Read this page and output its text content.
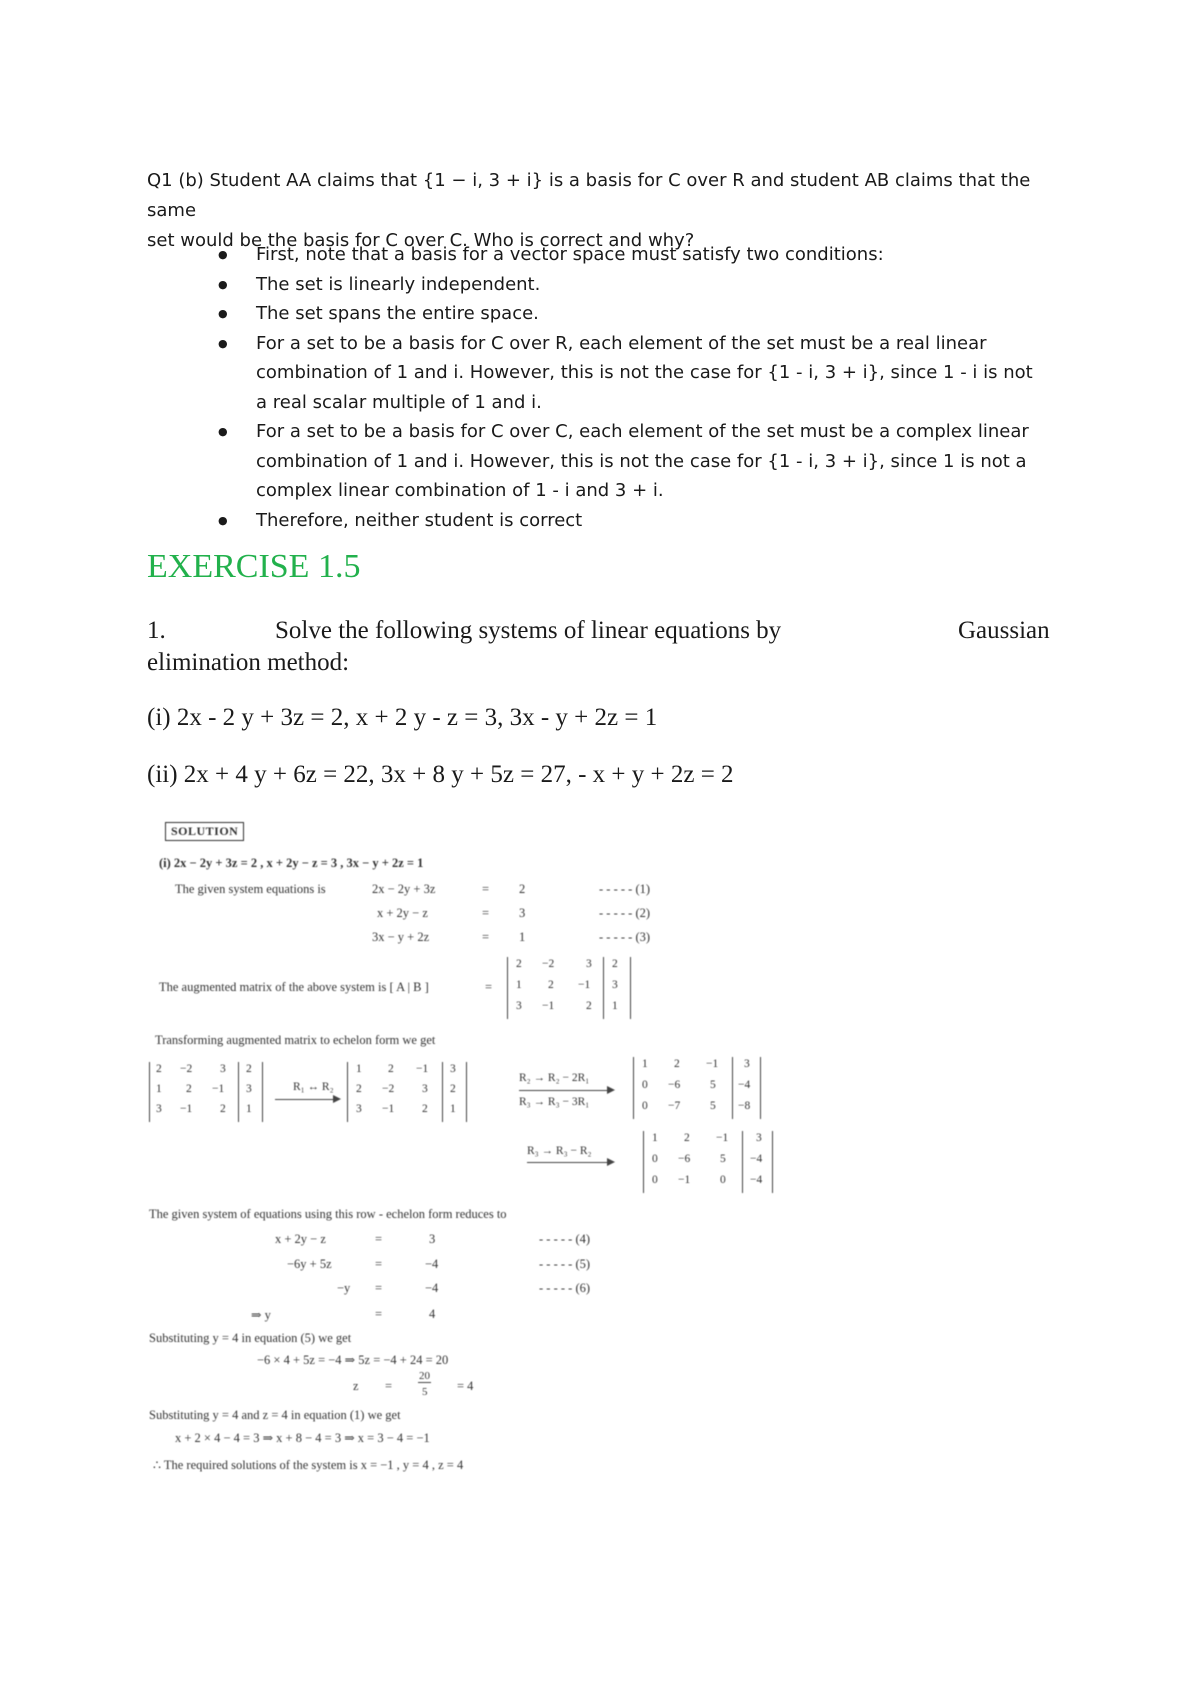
Q1 (b) Student AA claims that {1 − i, 3 + i} is a basis for C over R and student AB claims that the same
set would be the basis for C over C. Who is correct and why?
● First, note that a basis for a vector space must satisfy two conditions:
● The set is linearly independent.
● The set spans the entire space.
● For a set to be a basis for C over R, each element of the set must be a real linear combination of 1 and i. However, this is not the case for {1 - i, 3 + i}, since 1 - i is not a real scalar multiple of 1 and i.
● For a set to be a basis for C over C, each element of the set must be a complex linear combination of 1 and i. However, this is not the case for {1 - i, 3 + i}, since 1 is not a complex linear combination of 1 - i and 3 + i.
● Therefore, neither student is correct
EXERCISE 1.5
1.	Solve the following systems of linear equations by	Gaussian
elimination method:
(i) 2x - 2 y + 3z = 2, x + 2 y - z = 3, 3x - y + 2z = 1
(ii) 2x + 4 y + 6z = 22, 3x + 8 y + 5z = 27, - x + y + 2z = 2
SOLUTION
(i) 2x − 2y + 3z = 2 , x + 2y − z = 3 , 3x − y + 2z = 1
The given system equations is	2x − 2y + 3z	= 2	- - - - - (1)
x + 2y − z	= 3	- - - - - (2)
3x − y + 2z	= 1	- - - - - (3)
The augmented matrix of the above system is [ A | B ]	=
2 −2	3 2
1 2 −1 3
3 −1	2 1
Transforming augmented matrix to echelon form we get
2 −2 3 2
1 2 −1 3
3 −1 2 1
R₁ ↔ R₂
1 2 −1 3
2 −2 3 2
3 −1 2 1
R₂ → R₂ − 2R₁
R₃ → R₃ − 3R₁
1 2 −1 3
0 −6	5 −4
0 −7	5 −8
R₃ → R₃ − R₂
1 2 −1 3
0 −6	5 −4
0 −1	0 −4
The given system of equations using this row - echelon form reduces to
x + 2y − z	=	3	- - - - - (4)
−6y + 5z	=	−4	- - - - - (5)
−y =	−4	- - - - - (6)
⇒ y	=	4
Substituting y = 4 in equation (5) we get
−6 × 4 + 5z = −4 ⇒ 5z = −4 + 24 = 20
z =
20
5 = 4
Substituting y = 4 and z = 4 in equation (1) we get
x + 2 × 4 − 4 = 3 ⇒ x + 8 − 4 = 3 ⇒ x = 3 − 4 = −1
∴ The required solutions of the system is x = −1 , y = 4 , z = 4
